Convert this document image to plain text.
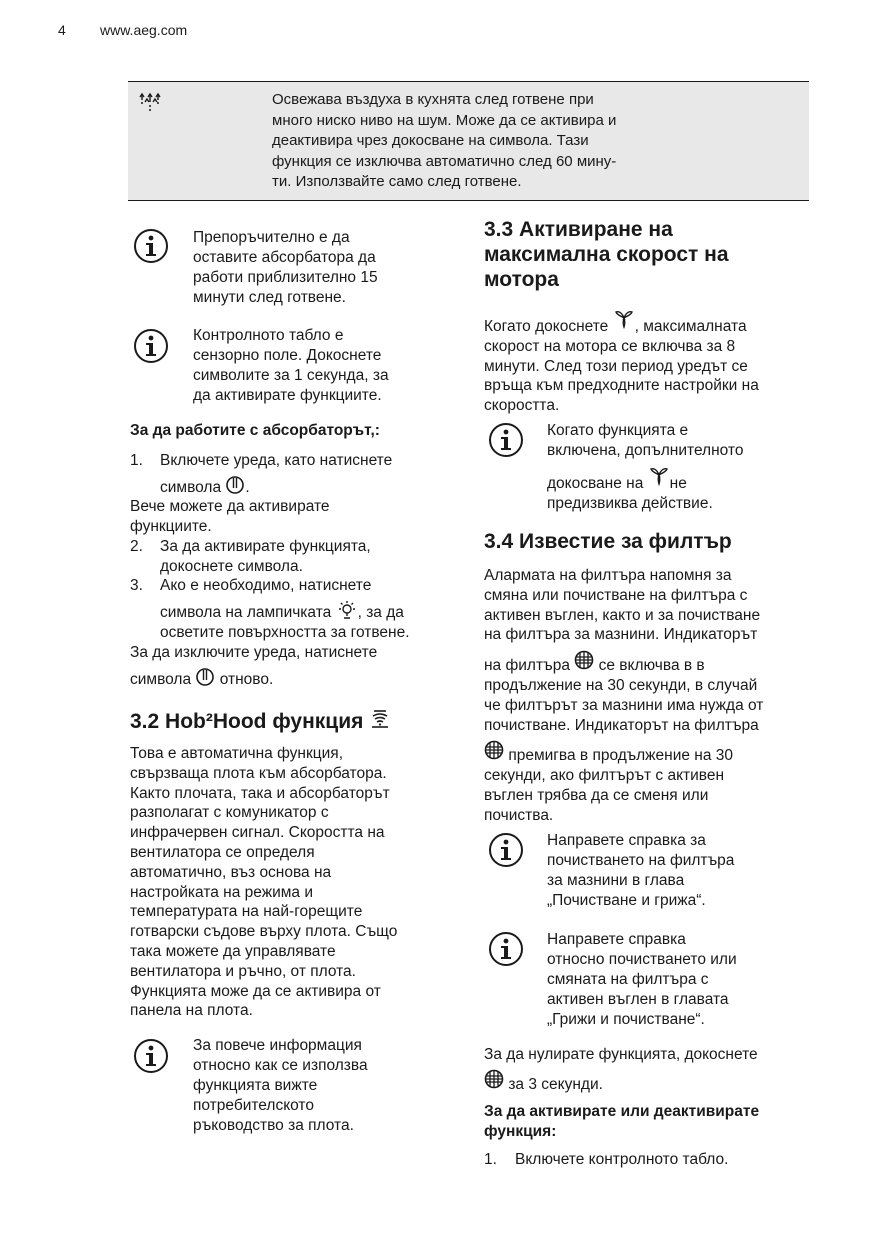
4 www.aeg.com
Освежава въздуха в кухнята след готвене при
много ниско ниво на шум. Може да се активира и
деактивира чрез докосване на символа. Тази
функция се изключва автоматично след 60 мину-
ти. Използвайте само след готвене.
Препоръчително е да
оставите абсорбатора да
работи приблизително 15
минути след готвене.
Контролното табло е
сензорно поле. Докоснете
символите за 1 секунда, за
да активирате функциите.
За да работите с абсорбаторът,:
1.	Включете уреда, като натиснете
символа .
Вече можете да активирате
функциите.
2.	За да активирате функцията,
докоснете символа.
3.	Ако е необходимо, натиснете
символа на лампичката , за да
осветите повърхността за готвене.
За да изключите уреда, натиснете
символа отново.
3.2 Hob²Hood функция
Това е автоматична функция,
свързваща плота към абсорбатора.
Както плочата, така и абсорбаторът
разполагат с комуникатор с
инфрачервен сигнал. Скоростта на
вентилатора се определя
автоматично, въз основа на
настройката на режима и
температурата на най-горещите
готварски съдове върху плота. Също
така можете да управлявате
вентилатора и ръчно, от плота.
Функцията може да се активира от
панела на плота.
За повече информация
относно как се използва
функцията вижте
потребителското
ръководство за плота.
3.3 Активиране на
максимална скорост на
мотора
Когато докоснете , максималната
скорост на мотора се включва за 8
минути. След този период уредът се
връща към предходните настройки на
скоростта.
Когато функцията е
включена, допълнителното
докосване на не
предизвиква действие.
3.4 Известие за филтър
Алармата на филтъра напомня за
смяна или почистване на филтъра с
активен въглен, както и за почистване
на филтъра за мазнини. Индикаторът
на филтъра се включва в в
продължение на 30 секунди, в случай
че филтърът за мазнини има нужда от
почистване. Индикаторът на филтъра
премигва в продължение на 30
секунди, ако филтърът с активен
въглен трябва да се сменя или
почиства.
Направете справка за
почистването на филтъра
за мазнини в глава
„Почистване и грижа“.
Направете справка
относно почистването или
смяната на филтъра с
активен въглен в главата
„Грижи и почистване“.
За да нулирате функцията, докоснете
за 3 секунди.
За да активирате или деактивирате
функция:
1.	Включете контролното табло.
